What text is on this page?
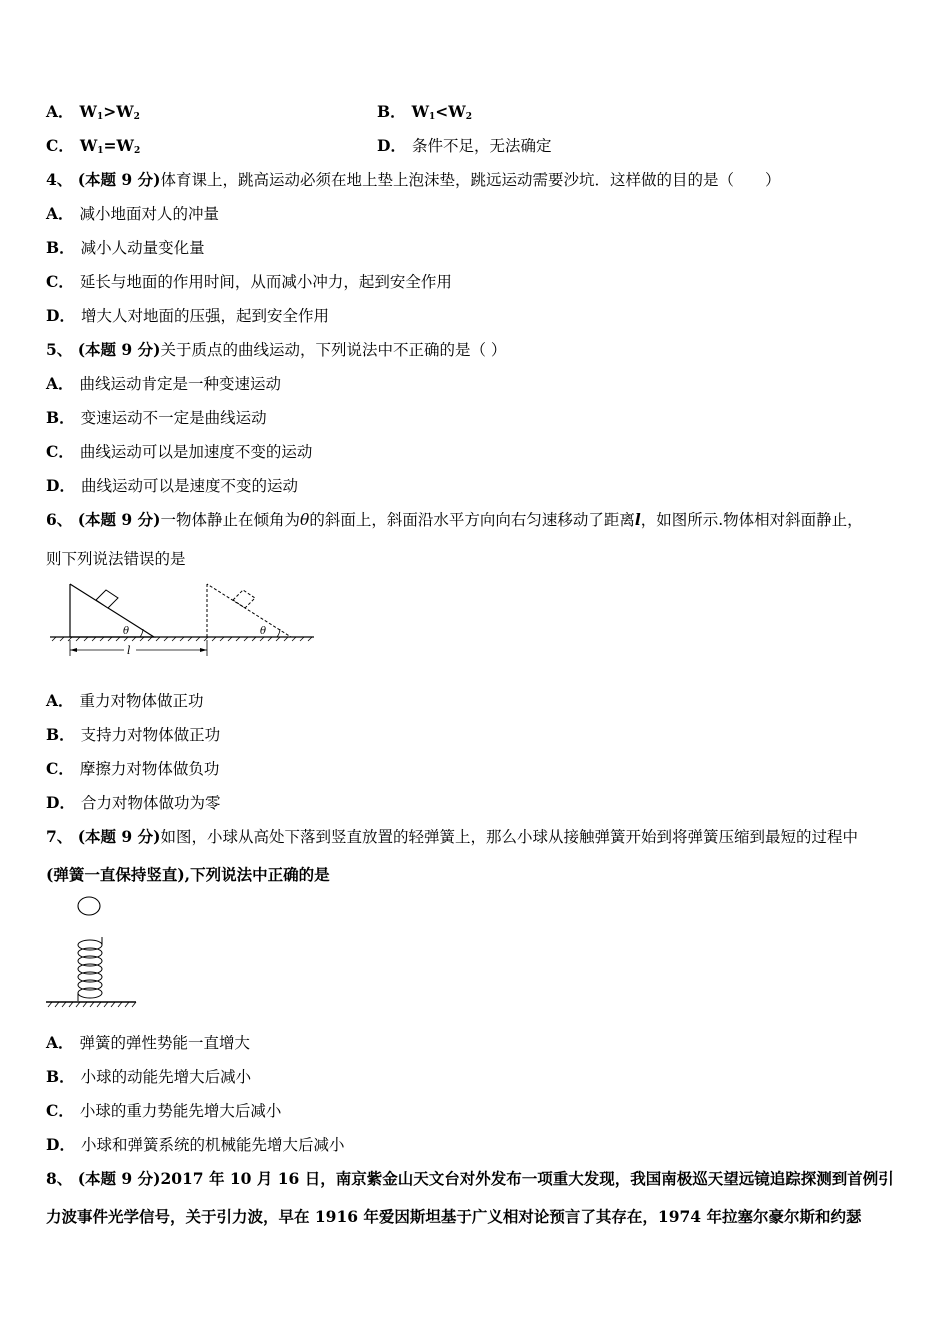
A． $W_1>W_2$	B． $W_1<W_2$
C． $W_1=W_2$	D． 条件不足，无法确定
4、 (本题 9 分)体育课上，跳高运动必须在地上垫上泡沫垫，跳远运动需要沙坑．这样做的目的是（　　）
A． 减小地面对人的冲量
B． 减小人动量变化量
C． 延长与地面的作用时间，从而减小冲力，起到安全作用
D． 增大人对地面的压强，起到安全作用
5、 (本题 9 分)关于质点的曲线运动，下列说法中不正确的是（ ）
A． 曲线运动肯定是一种变速运动
B． 变速运动不一定是曲线运动
C． 曲线运动可以是加速度不变的运动
D． 曲线运动可以是速度不变的运动
6、 (本题 9 分)一物体静止在倾角为θ的斜面上，斜面沿水平方向向右匀速移动了距离l，如图所示.物体相对斜面静止，
则下列说法错误的是
θ	θ
l
A． 重力对物体做正功
B． 支持力对物体做正功
C． 摩擦力对物体做负功
D． 合力对物体做功为零
7、 (本题 9 分)如图，小球从高处下落到竖直放置的轻弹簧上，那么小球从接触弹簧开始到将弹簧压缩到最短的过程中
(弹簧一直保持竖直),下列说法中正确的是
A． 弹簧的弹性势能一直增大
B． 小球的动能先增大后减小
C． 小球的重力势能先增大后减小
D． 小球和弹簧系统的机械能先增大后减小
8、 (本题 9 分)2017 年 10 月 16 日，南京紫金山天文台对外发布一项重大发现，我国南极巡天望远镜追踪探测到首例引
力波事件光学信号，关于引力波，早在 1916 年爱因斯坦基于广义相对论预言了其存在，1974 年拉塞尔豪尔斯和约瑟
